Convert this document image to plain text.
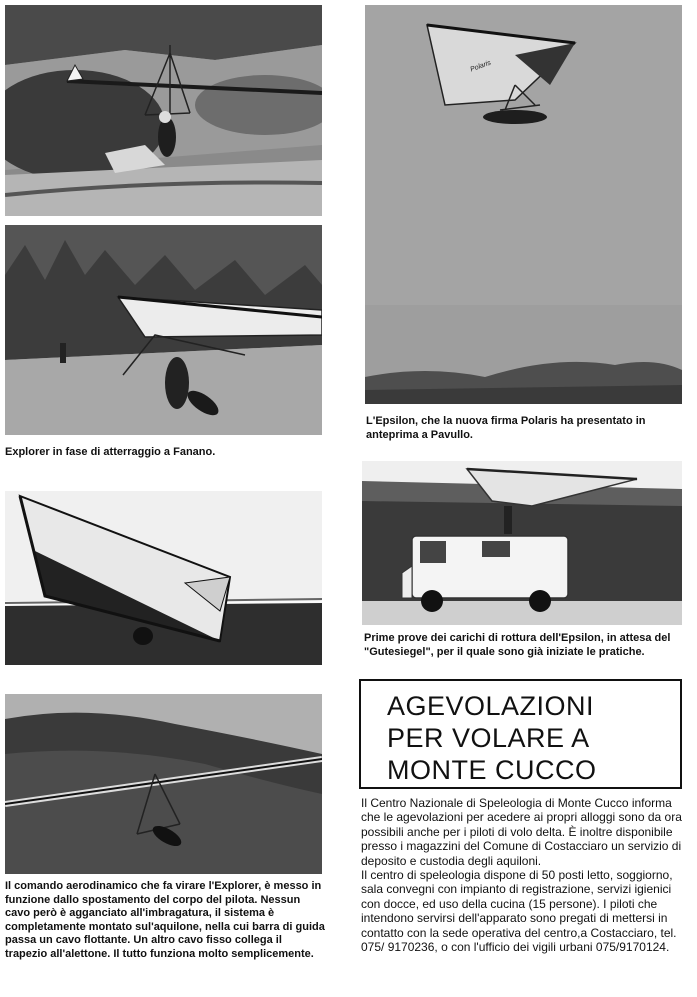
Polaris

L'Epsilon, che la nuova firma Polaris ha presentato in anteprima a Pavullo.

Explorer in fase di atterraggio a Fanano.

Prime prove dei carichi di rottura dell'Epsilon, in attesa del "Gutesiegel", per il quale sono già iniziate le pratiche.

AGEVOLAZIONI
PER VOLARE A
MONTE CUCCO

Il comando aerodinamico che fa virare l'Explorer, è messo in funzione dallo spostamento del corpo del pilota. Nessun cavo però è agganciato all'imbragatura, il sistema è completamente montato sul'aquilone, nella cui barra di guida passa un cavo flottante. Un altro cavo fisso collega il trapezio all'alettone. Il tutto funziona molto semplicemente.

Il Centro Nazionale di Speleologia di Monte Cucco informa che le agevolazioni per acedere ai propri alloggi sono da ora possibili anche per i piloti di volo delta. È inoltre disponibile presso i magazzini del Comune di Costacciaro un servizio di deposito e custodia degli aquiloni.

Il centro di speleologia dispone di 50 posti letto, soggiorno, sala convegni con impianto di registrazione, servizi igienici con docce, ed uso della cucina (15 persone). I piloti che intendono servirsi dell'apparato sono pregati di mettersi in contatto con la sede operativa del centro,a Costacciaro, tel. 075/ 9170236, o con l'ufficio dei vigili urbani 075/9170124.
